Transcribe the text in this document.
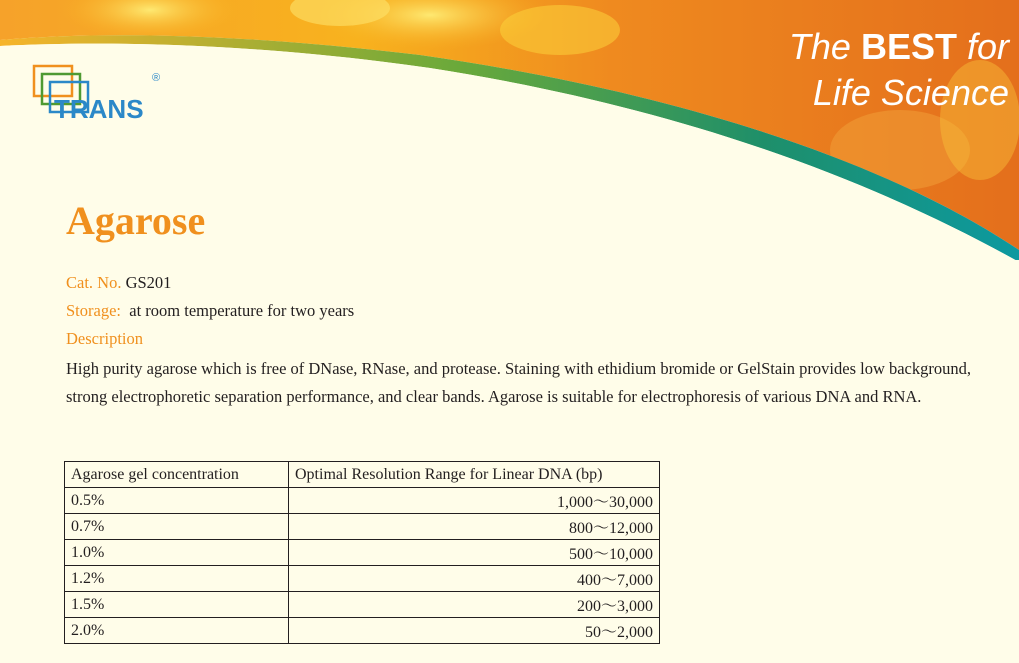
TRANS
®
The BEST for
Life Science
Agarose
Cat. No. GS201
Storage:  at room temperature for two years
Description
High purity agarose which is free of DNase, RNase, and protease. Staining with ethidium bromide or GelStain provides low background, strong electrophoretic separation performance, and clear bands. Agarose is suitable for electrophoresis of various DNA and RNA.
Agarose gel concentration	Optimal Resolution Range for Linear DNA (bp)
0.5%	1,000～30,000
0.7%	800～12,000
1.0%	500～10,000
1.2%	400～7,000
1.5%	200～3,000
2.0%	50～2,000
